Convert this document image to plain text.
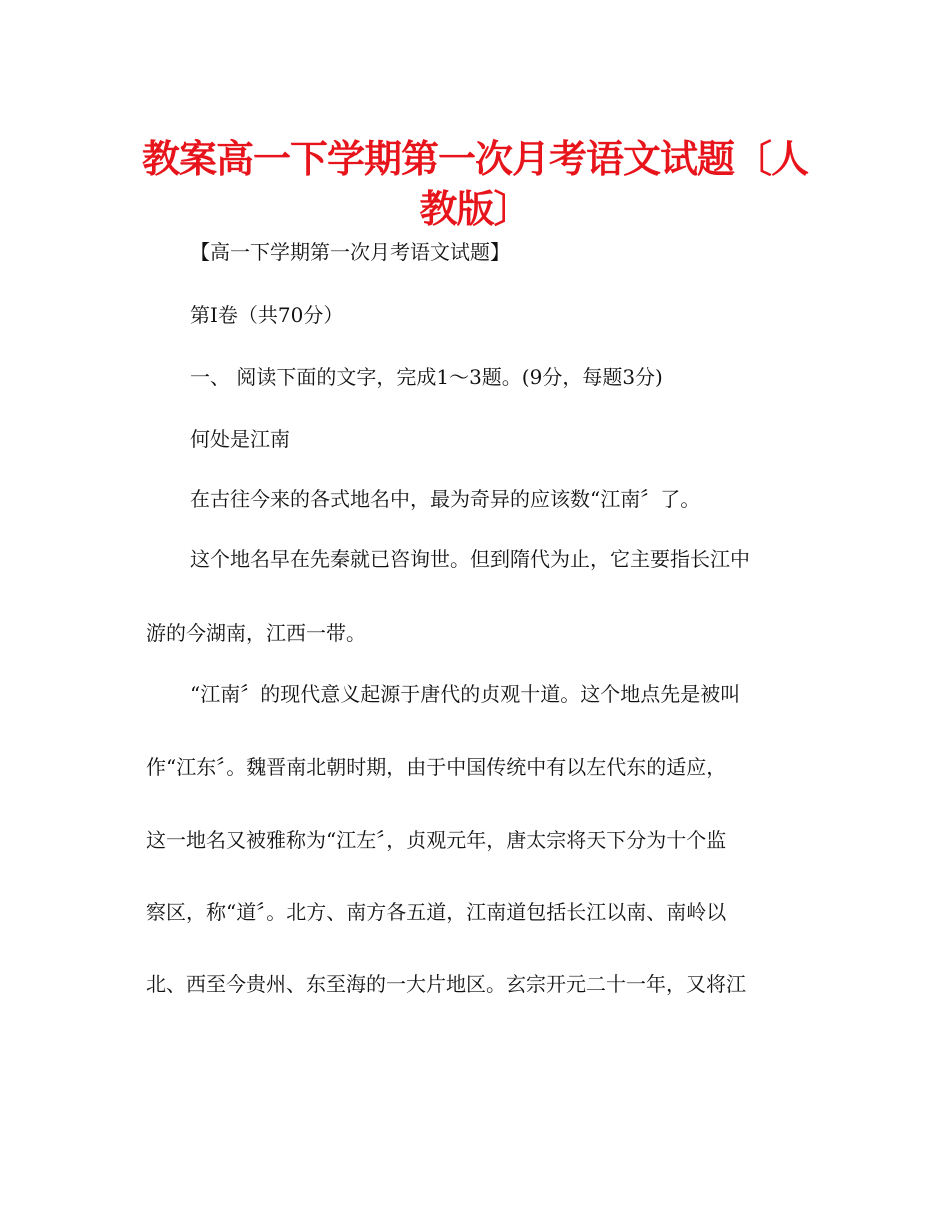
教案高一下学期第一次月考语文试题〔人教版〕

【高一下学期第一次月考语文试题】

第Ⅰ卷（共70分）

一、 阅读下面的文字，完成1～3题。(9分，每题3分)

何处是江南

在古往今来的各式地名中，最为奇异的应该数“江南〞了。

这个地名早在先秦就已咨询世。但到隋代为止，它主要指长江中

游的今湖南，江西一带。

“江南〞的现代意义起源于唐代的贞观十道。这个地点先是被叫

作“江东〞。魏晋南北朝时期，由于中国传统中有以左代东的适应，

这一地名又被雅称为“江左〞，贞观元年，唐太宗将天下分为十个监

察区，称“道〞。北方、南方各五道，江南道包括长江以南、南岭以

北、西至今贵州、东至海的一大片地区。玄宗开元二十一年，又将江
